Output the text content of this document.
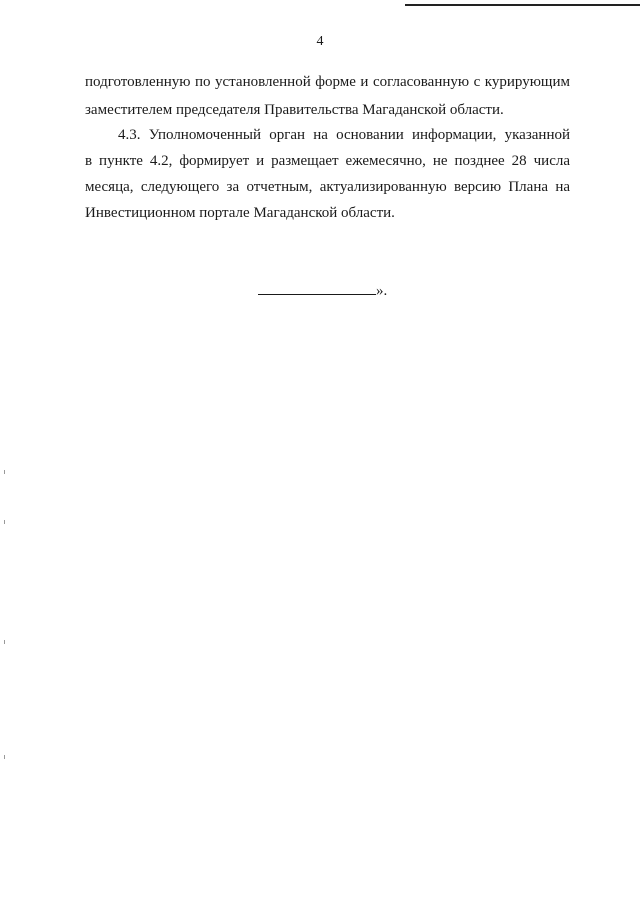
4
подготовленную по установленной форме и согласованную с курирующим
заместителем председателя Правительства Магаданской области.
4.3. Уполномоченный орган на основании информации, указанной
в пункте 4.2, формирует и размещает ежемесячно, не позднее 28 числа
месяца, следующего за отчетным, актуализированную версию Плана на
Инвестиционном портале Магаданской области.
».
